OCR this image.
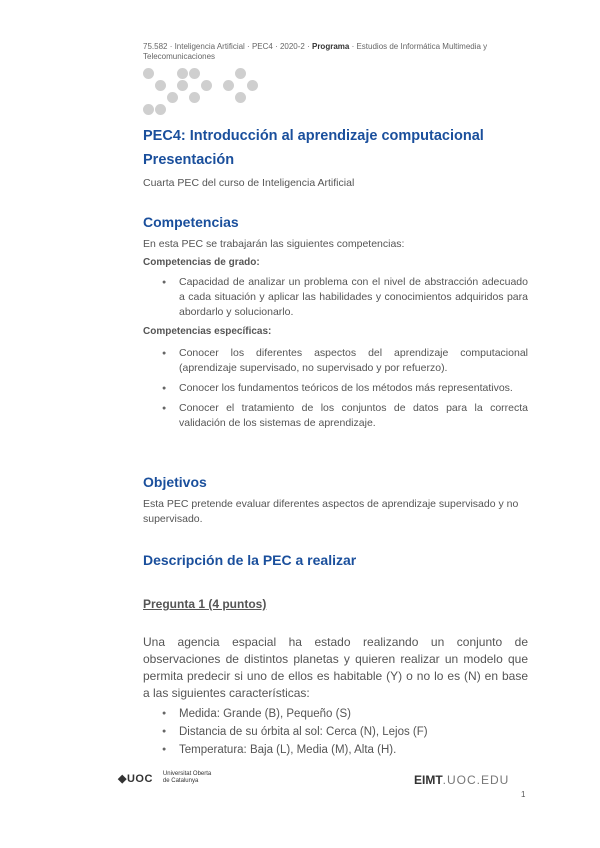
75.582 · Inteligencia Artificial · PEC4 · 2020-2 · Programa · Estudios de Informática Multimedia y Telecomunicaciones
PEC4: Introducción al aprendizaje computacional
Presentación
Cuarta PEC del curso de Inteligencia Artificial
Competencias
En esta PEC se trabajarán las siguientes competencias:
Competencias de grado:
● Capacidad de analizar un problema con el nivel de abstracción adecuado a cada situación y aplicar las habilidades y conocimientos adquiridos para abordarlo y solucionarlo.
Competencias específicas:
● Conocer los diferentes aspectos del aprendizaje computacional (aprendizaje supervisado, no supervisado y por refuerzo).
● Conocer los fundamentos teóricos de los métodos más representativos.
● Conocer el tratamiento de los conjuntos de datos para la correcta validación de los sistemas de aprendizaje.
Objetivos
Esta PEC pretende evaluar diferentes aspectos de aprendizaje supervisado y no supervisado.
Descripción de la PEC a realizar
Pregunta 1 (4 puntos)
Una agencia espacial ha estado realizando un conjunto de observaciones de distintos planetas y quieren realizar un modelo que permita predecir si uno de ellos es habitable (Y) o no lo es (N) en base a las siguientes características:
● Medida: Grande (B), Pequeño (S)
● Distancia de su órbita al sol: Cerca (N), Lejos (F)
● Temperatura: Baja (L), Media (M), Alta (H).
◆UOC Universitat Oberta
de Catalunya	EIMT.UOC.EDU
1
